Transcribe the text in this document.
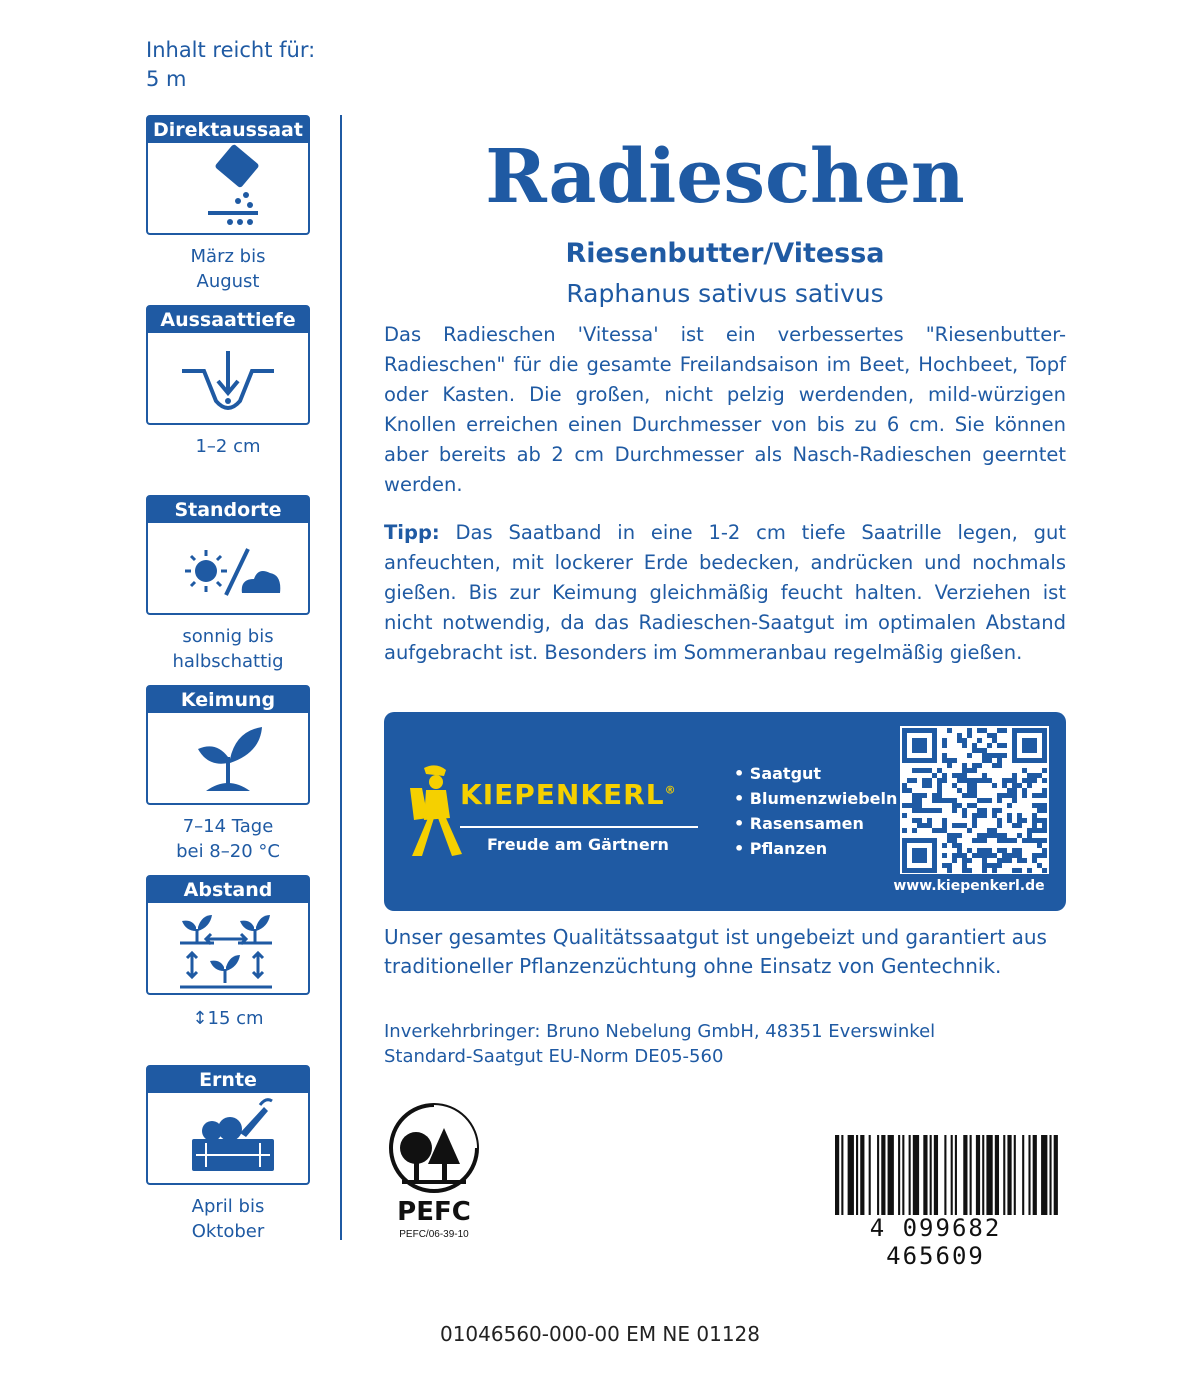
Inhalt reicht für:
5 m
Direktaussaat
März bis
August
Aussaattiefe
1–2 cm
Standorte
sonnig bis
halbschattig
Keimung
7–14 Tage
bei 8–20 °C
Abstand
↕15 cm
Ernte
April bis
Oktober
Radieschen
Riesenbutter/Vitessa
Raphanus sativus sativus
Das Radieschen 'Vitessa' ist ein verbessertes "Riesenbutter-Radieschen" für die gesamte Freilandsaison im Beet, Hochbeet, Topf oder Kasten. Die großen, nicht pelzig werdenden, mild-würzigen Knollen erreichen einen Durchmesser von bis zu 6 cm. Sie können aber bereits ab 2 cm Durchmesser als Nasch-Radieschen geerntet werden.
Tipp: Das Saatband in eine 1-2 cm tiefe Saatrille legen, gut anfeuchten, mit lockerer Erde bedecken, andrücken und nochmals gießen. Bis zur Keimung gleichmäßig feucht halten. Verziehen ist nicht notwendig, da das Radieschen-Saatgut im optimalen Abstand aufgebracht ist. Besonders im Sommeranbau regelmäßig gießen.
KIEPENKERL®
Freude am Gärtnern
• Saatgut
• Blumenzwiebeln
• Rasensamen
• Pflanzen
www.kiepenkerl.de
Unser gesamtes Qualitätssaatgut ist ungebeizt und garantiert aus traditioneller Pflanzenzüchtung ohne Einsatz von Gentechnik.
Inverkehrbringer: Bruno Nebelung GmbH, 48351 Everswinkel
Standard-Saatgut EU-Norm DE05-560
PEFC
PEFC/06-39-10	4 099682 465609
01046560-000-00 EM NE 01128
